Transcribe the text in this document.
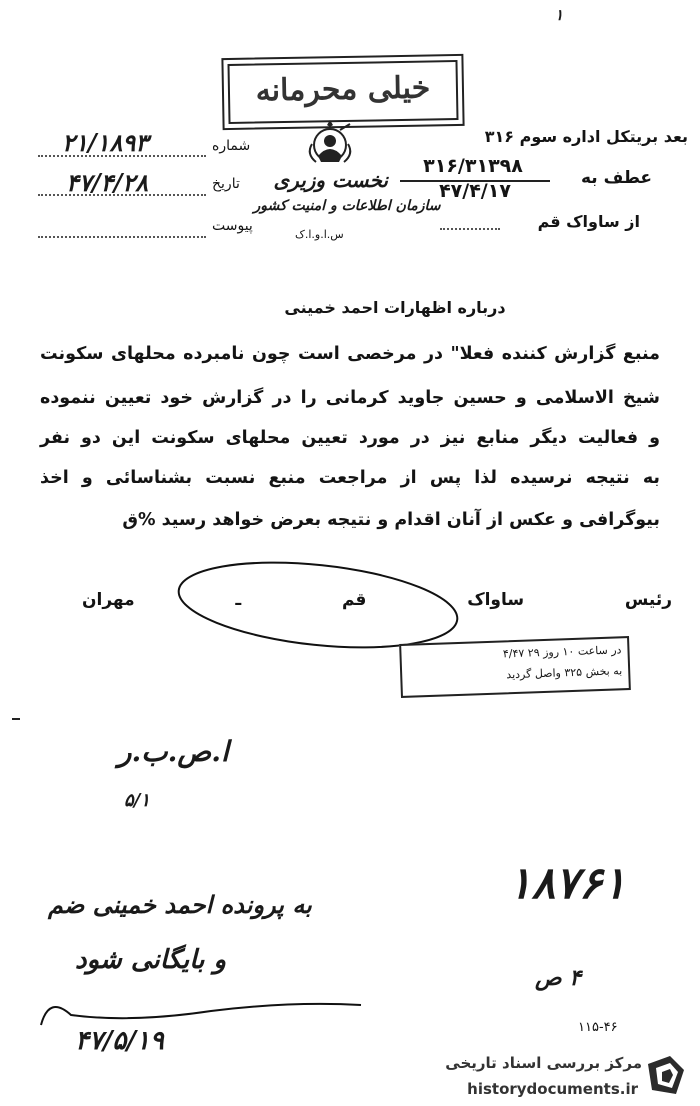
۱
خیلی محرمانه
بعد بریتکل اداره سوم ۳۱۶
نخست وزیری
سازمان اطلاعات و امنیت کشور
س.ا.و.ا.ک
عطف به
۳۱۶/۳۱۳۹۸
۴۷/۴/۱۷
از ساواک قم
شماره
۲۱/۱۸۹۳
تاریخ
۴۷/۴/۲۸
پیوست
درباره اظهارات احمد خمینی
منبع گزارش کننده فعلا" در مرخصی است چون نامبرده محلهای سکونت
شیخ الاسلامی و حسین جاوید کرمانی را در گزارش خود تعیین ننموده
و فعالیت دیگر منابع نیز در مورد تعیین محلهای سکونت این دو نفر
به نتیجه نرسیده لذا پس از مراجعت منبع نسبت بشناسائی و اخذ
بیوگرافی و عکس از آنان اقدام و نتیجه بعرض خواهد رسید %ق
رئیس ساواک قم ـ مهران
در ساعت ۱۰ روز ۲۹ ۴/۴۷
به بخش ۳۲۵ واصل گردید
ا.ص.ب.ر
۵/۱
۱۸۷۶۱
به پرونده احمد خمینی ضم
و بایگانی شود
۴۷/۵/۱۹
۴ ص
۱۱۵-۴۶
مرکز بررسی اسناد تاریخی
historydocuments.ir
